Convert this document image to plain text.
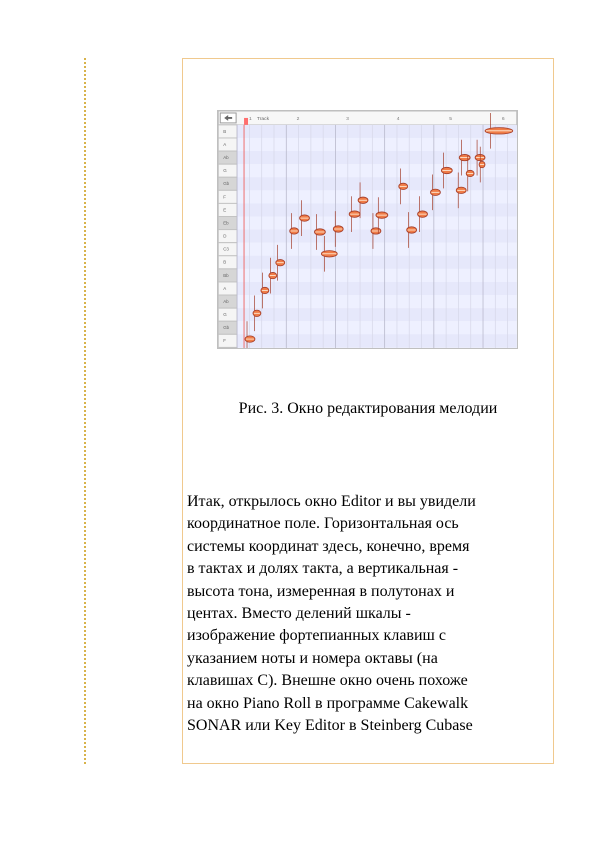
Track
1	2	3	4	5	6
B
A
Ab
G
Gb
F
E
Eb
D
C3
B
Bb
A
Ab
G
Gb
F
Рис. 3. Окно редактирования мелодии
Итак, открылось окно Editor и вы увидели
координатное поле. Горизонтальная ось
системы координат здесь, конечно, время
в тактах и долях такта, а вертикальная -
высота тона, измеренная в полутонах и
центах. Вместо делений шкалы -
изображение фортепианных клавиш с
указанием ноты и номера октавы (на
клавишах С). Внешне окно очень похоже
на окно Piano Roll в программе Cakewalk
SONAR или Key Editor в Steinberg Cubase
